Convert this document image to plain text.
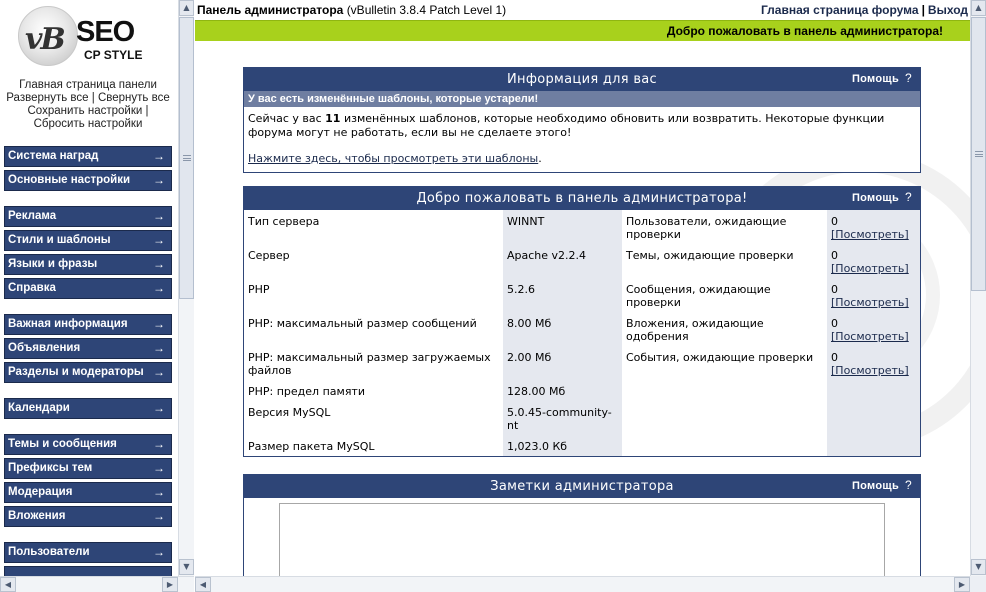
vB SEO
CP STYLE
Главная страница панели
Развернуть все | Свернуть все
Сохранить настройки |
Сбросить настройки
Система наград	→
Основные настройки →
Реклама	→
Стили и шаблоны	→
Языки и фразы	→
Справка	→
Важная информация →
Объявления	→
Разделы и модераторы →
Календари	→
Темы и сообщения	→
Префиксы тем	→
Модерация	→
Вложения	→
Пользователи	→
▲
▼
Панель администратора (vBulletin 3.8.4 Patch Level 1)	Главная страница форума | Выход
Добро пожаловать в панель администратора!
Информация для вас	Помощь ?
У вас есть изменённые шаблоны, которые устарели!
Сейчас у вас 11 изменённых шаблонов, которые необходимо обновить или возвратить. Некоторые функции форума могут не работать, если вы не сделаете этого!
Нажмите здесь, чтобы просмотреть эти шаблоны.
Добро пожаловать в панель администратора!	Помощь ?
Тип сервера	WINNT	Пользователи, ожидающие проверки	0
[Посмотреть]
Сервер	Apache v2.2.4	Темы, ожидающие проверки	0
[Посмотреть]
PHP	5.2.6	Сообщения, ожидающие проверки	0
[Посмотреть]
PHP: максимальный размер сообщений	8.00 Мб	Вложения, ожидающие одобрения	0
[Посмотреть]
PHP: максимальный размер загружаемых файлов	2.00 Мб	События, ожидающие проверки	0
[Посмотреть]
PHP: предел памяти	128.00 Мб		
Версия MySQL	5.0.45-community-nt		
Размер пакета MySQL	1,023.0 Кб		
Заметки администратора	Помощь ?
▲
▼
◀	▶	◀	▶
